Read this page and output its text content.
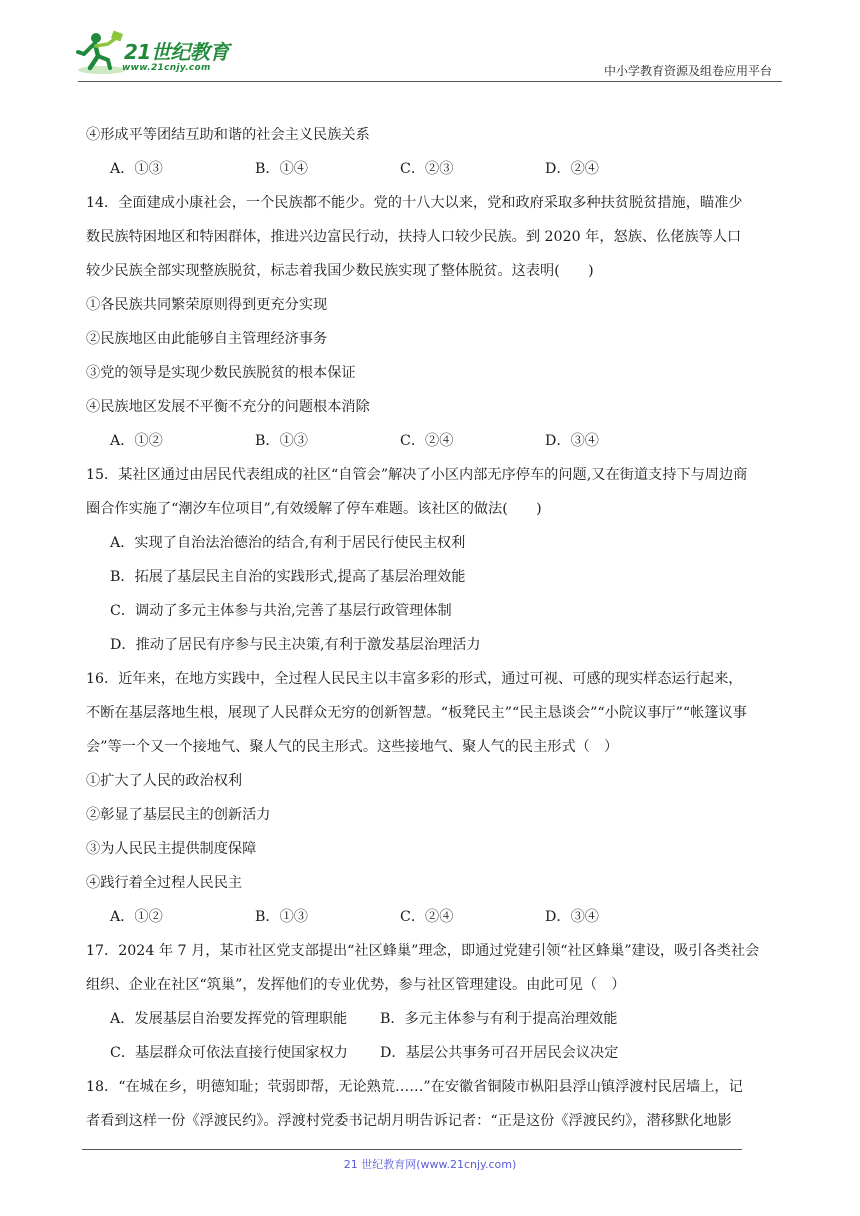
21世纪教育
www.21cnjy.com	中小学教育资源及组卷应用平台
④形成平等团结互助和谐的社会主义民族关系
A．①③	B．①④	C．②③	D．②④
14．全面建成小康社会，一个民族都不能少。党的十八大以来，党和政府采取多种扶贫脱贫措施，瞄准少
数民族特困地区和特困群体，推进兴边富民行动，扶持人口较少民族。到 2020 年，怒族、仫佬族等人口
较少民族全部实现整族脱贫，标志着我国少数民族实现了整体脱贫。这表明(　　)
①各民族共同繁荣原则得到更充分实现
②民族地区由此能够自主管理经济事务
③党的领导是实现少数民族脱贫的根本保证
④民族地区发展不平衡不充分的问题根本消除
A．①②	B．①③	C．②④	D．③④
15．某社区通过由居民代表组成的社区“自管会”解决了小区内部无序停车的问题,又在街道支持下与周边商
圈合作实施了“潮汐车位项目”,有效缓解了停车难题。该社区的做法(　　)
A．实现了自治法治德治的结合,有利于居民行使民主权利
B．拓展了基层民主自治的实践形式,提高了基层治理效能
C．调动了多元主体参与共治,完善了基层行政管理体制
D．推动了居民有序参与民主决策,有利于激发基层治理活力
16．近年来，在地方实践中，全过程人民民主以丰富多彩的形式，通过可视、可感的现实样态运行起来，
不断在基层落地生根，展现了人民群众无穷的创新智慧。“板凳民主”“民主恳谈会”“小院议事厅”“帐篷议事
会”等一个又一个接地气、聚人气的民主形式。这些接地气、聚人气的民主形式（　）
①扩大了人民的政治权利
②彰显了基层民主的创新活力
③为人民民主提供制度保障
④践行着全过程人民民主
A．①②	B．①③	C．②④	D．③④
17．2024 年 7 月，某市社区党支部提出“社区蜂巢”理念，即通过党建引领“社区蜂巢”建设，吸引各类社会
组织、企业在社区“筑巢”，发挥他们的专业优势，参与社区管理建设。由此可见（　）
A．发展基层自治要发挥党的管理职能	B．多元主体参与有利于提高治理效能
C．基层群众可依法直接行使国家权力	D．基层公共事务可召开居民会议决定
18．“在城在乡，明德知耻；茕弱即帮，无论熟荒……”在安徽省铜陵市枞阳县浮山镇浮渡村民居墙上，记
者看到这样一份《浮渡民约》。浮渡村党委书记胡月明告诉记者：“正是这份《浮渡民约》，潜移默化地影
21 世纪教育网(www.21cnjy.com)
